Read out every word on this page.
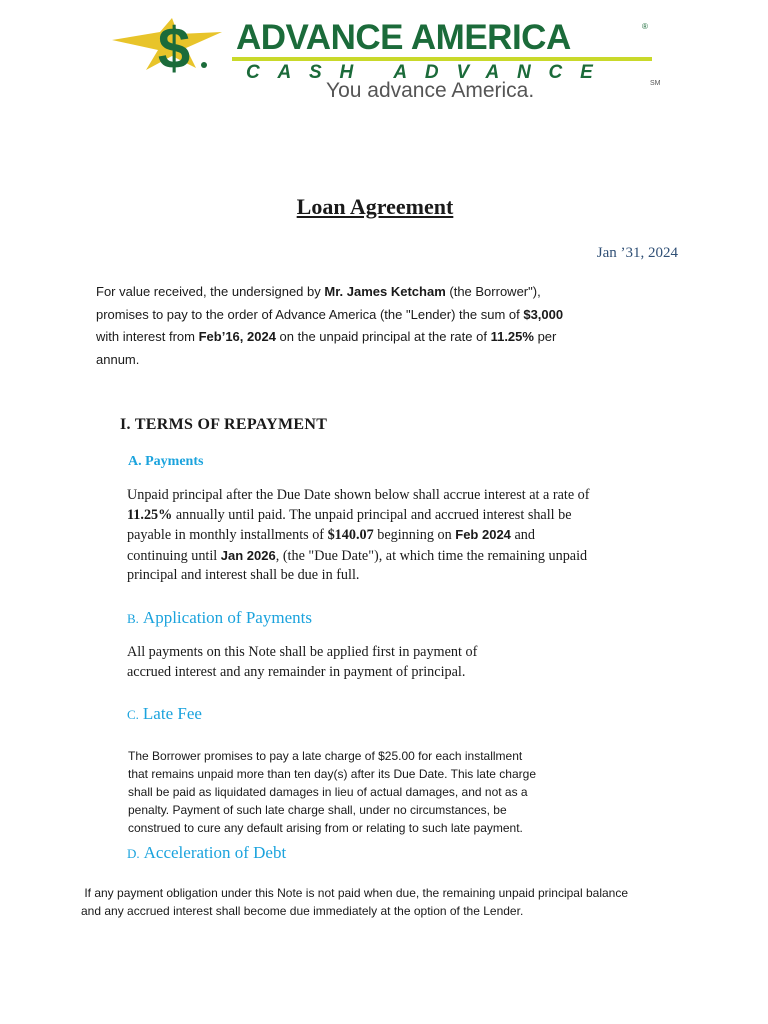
$ ADVANCE AMERICA	®
CASH ADVANCE
You advance America.	SM
Loan Agreement
Jan ’31, 2024
For value received, the undersigned by Mr. James Ketcham (the Borrower"),
promises to pay to the order of Advance America (the "Lender) the sum of $3,000
with interest from Feb’16, 2024 on the unpaid principal at the rate of 11.25% per
annum.
I. TERMS OF REPAYMENT
A. Payments
Unpaid principal after the Due Date shown below shall accrue interest at a rate of
11.25% annually until paid. The unpaid principal and accrued interest shall be
payable in monthly installments of $140.07 beginning on Feb 2024 and
continuing until Jan 2026, (the "Due Date"), at which time the remaining unpaid
principal and interest shall be due in full.
B. Application of Payments
All payments on this Note shall be applied first in payment of
accrued interest and any remainder in payment of principal.
C. Late Fee
The Borrower promises to pay a late charge of $25.00 for each installment
that remains unpaid more than ten day(s) after its Due Date. This late charge
shall be paid as liquidated damages in lieu of actual damages, and not as a
penalty. Payment of such late charge shall, under no circumstances, be
construed to cure any default arising from or relating to such late payment.
D. Acceleration of Debt
If any payment obligation under this Note is not paid when due, the remaining unpaid principal balance
and any accrued interest shall become due immediately at the option of the Lender.
